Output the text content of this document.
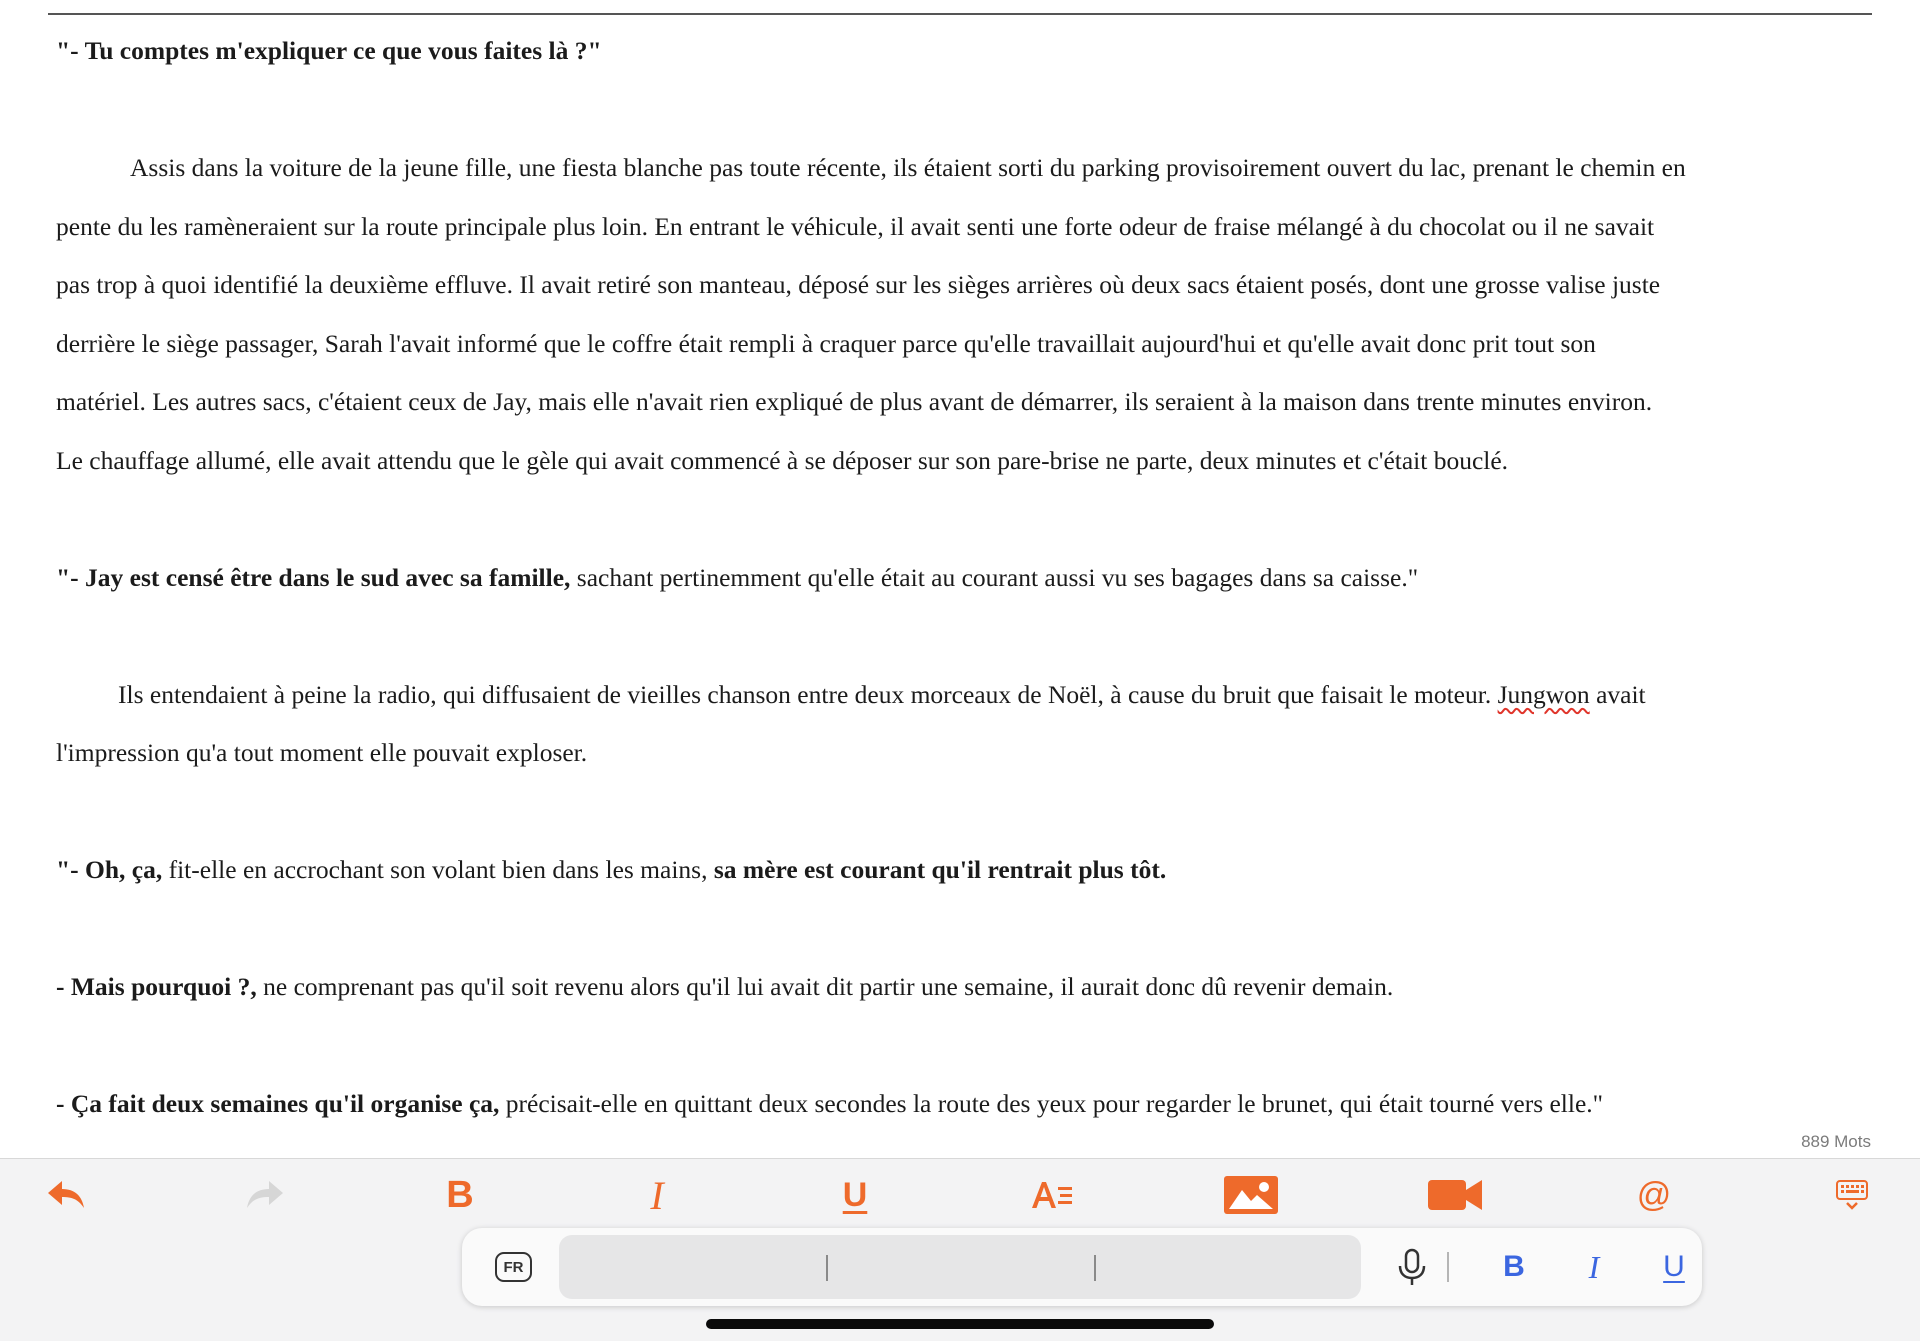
"- Tu comptes m'expliquer ce que vous faites là ?"

Assis dans la voiture de la jeune fille, une fiesta blanche pas toute récente, ils étaient sorti du parking provisoirement ouvert du lac, prenant le chemin en

pente du les ramèneraient sur la route principale plus loin. En entrant le véhicule, il avait senti une forte odeur de fraise mélangé à du chocolat ou il ne savait

pas trop à quoi identifié la deuxième effluve. Il avait retiré son manteau, déposé sur les sièges arrières où deux sacs étaient posés, dont une grosse valise juste

derrière le siège passager, Sarah l'avait informé que le coffre était rempli à craquer parce qu'elle travaillait aujourd'hui et qu'elle avait donc prit tout son

matériel. Les autres sacs, c'étaient ceux de Jay, mais elle n'avait rien expliqué de plus avant de démarrer, ils seraient à la maison dans trente minutes environ.

Le chauffage allumé, elle avait attendu que le gèle qui avait commencé à se déposer sur son pare-brise ne parte, deux minutes et c'était bouclé.

"- Jay est censé être dans le sud avec sa famille, sachant pertinemment qu'elle était au courant aussi vu ses bagages dans sa caisse."

Ils entendaient à peine la radio, qui diffusaient de vieilles chanson entre deux morceaux de Noël, à cause du bruit que faisait le moteur. Jungwon avait

l'impression qu'a tout moment elle pouvait exploser.

"- Oh, ça, fit-elle en accrochant son volant bien dans les mains, sa mère est courant qu'il rentrait plus tôt.

- Mais pourquoi ?, ne comprenant pas qu'il soit revenu alors qu'il lui avait dit partir une semaine, il aurait donc dû revenir demain.

- Ça fait deux semaines qu'il organise ça, précisait-elle en quittant deux secondes la route des yeux pour regarder le brunet, qui était tourné vers elle."

889 Mots
B	I	U	@
FR	B	I	U
